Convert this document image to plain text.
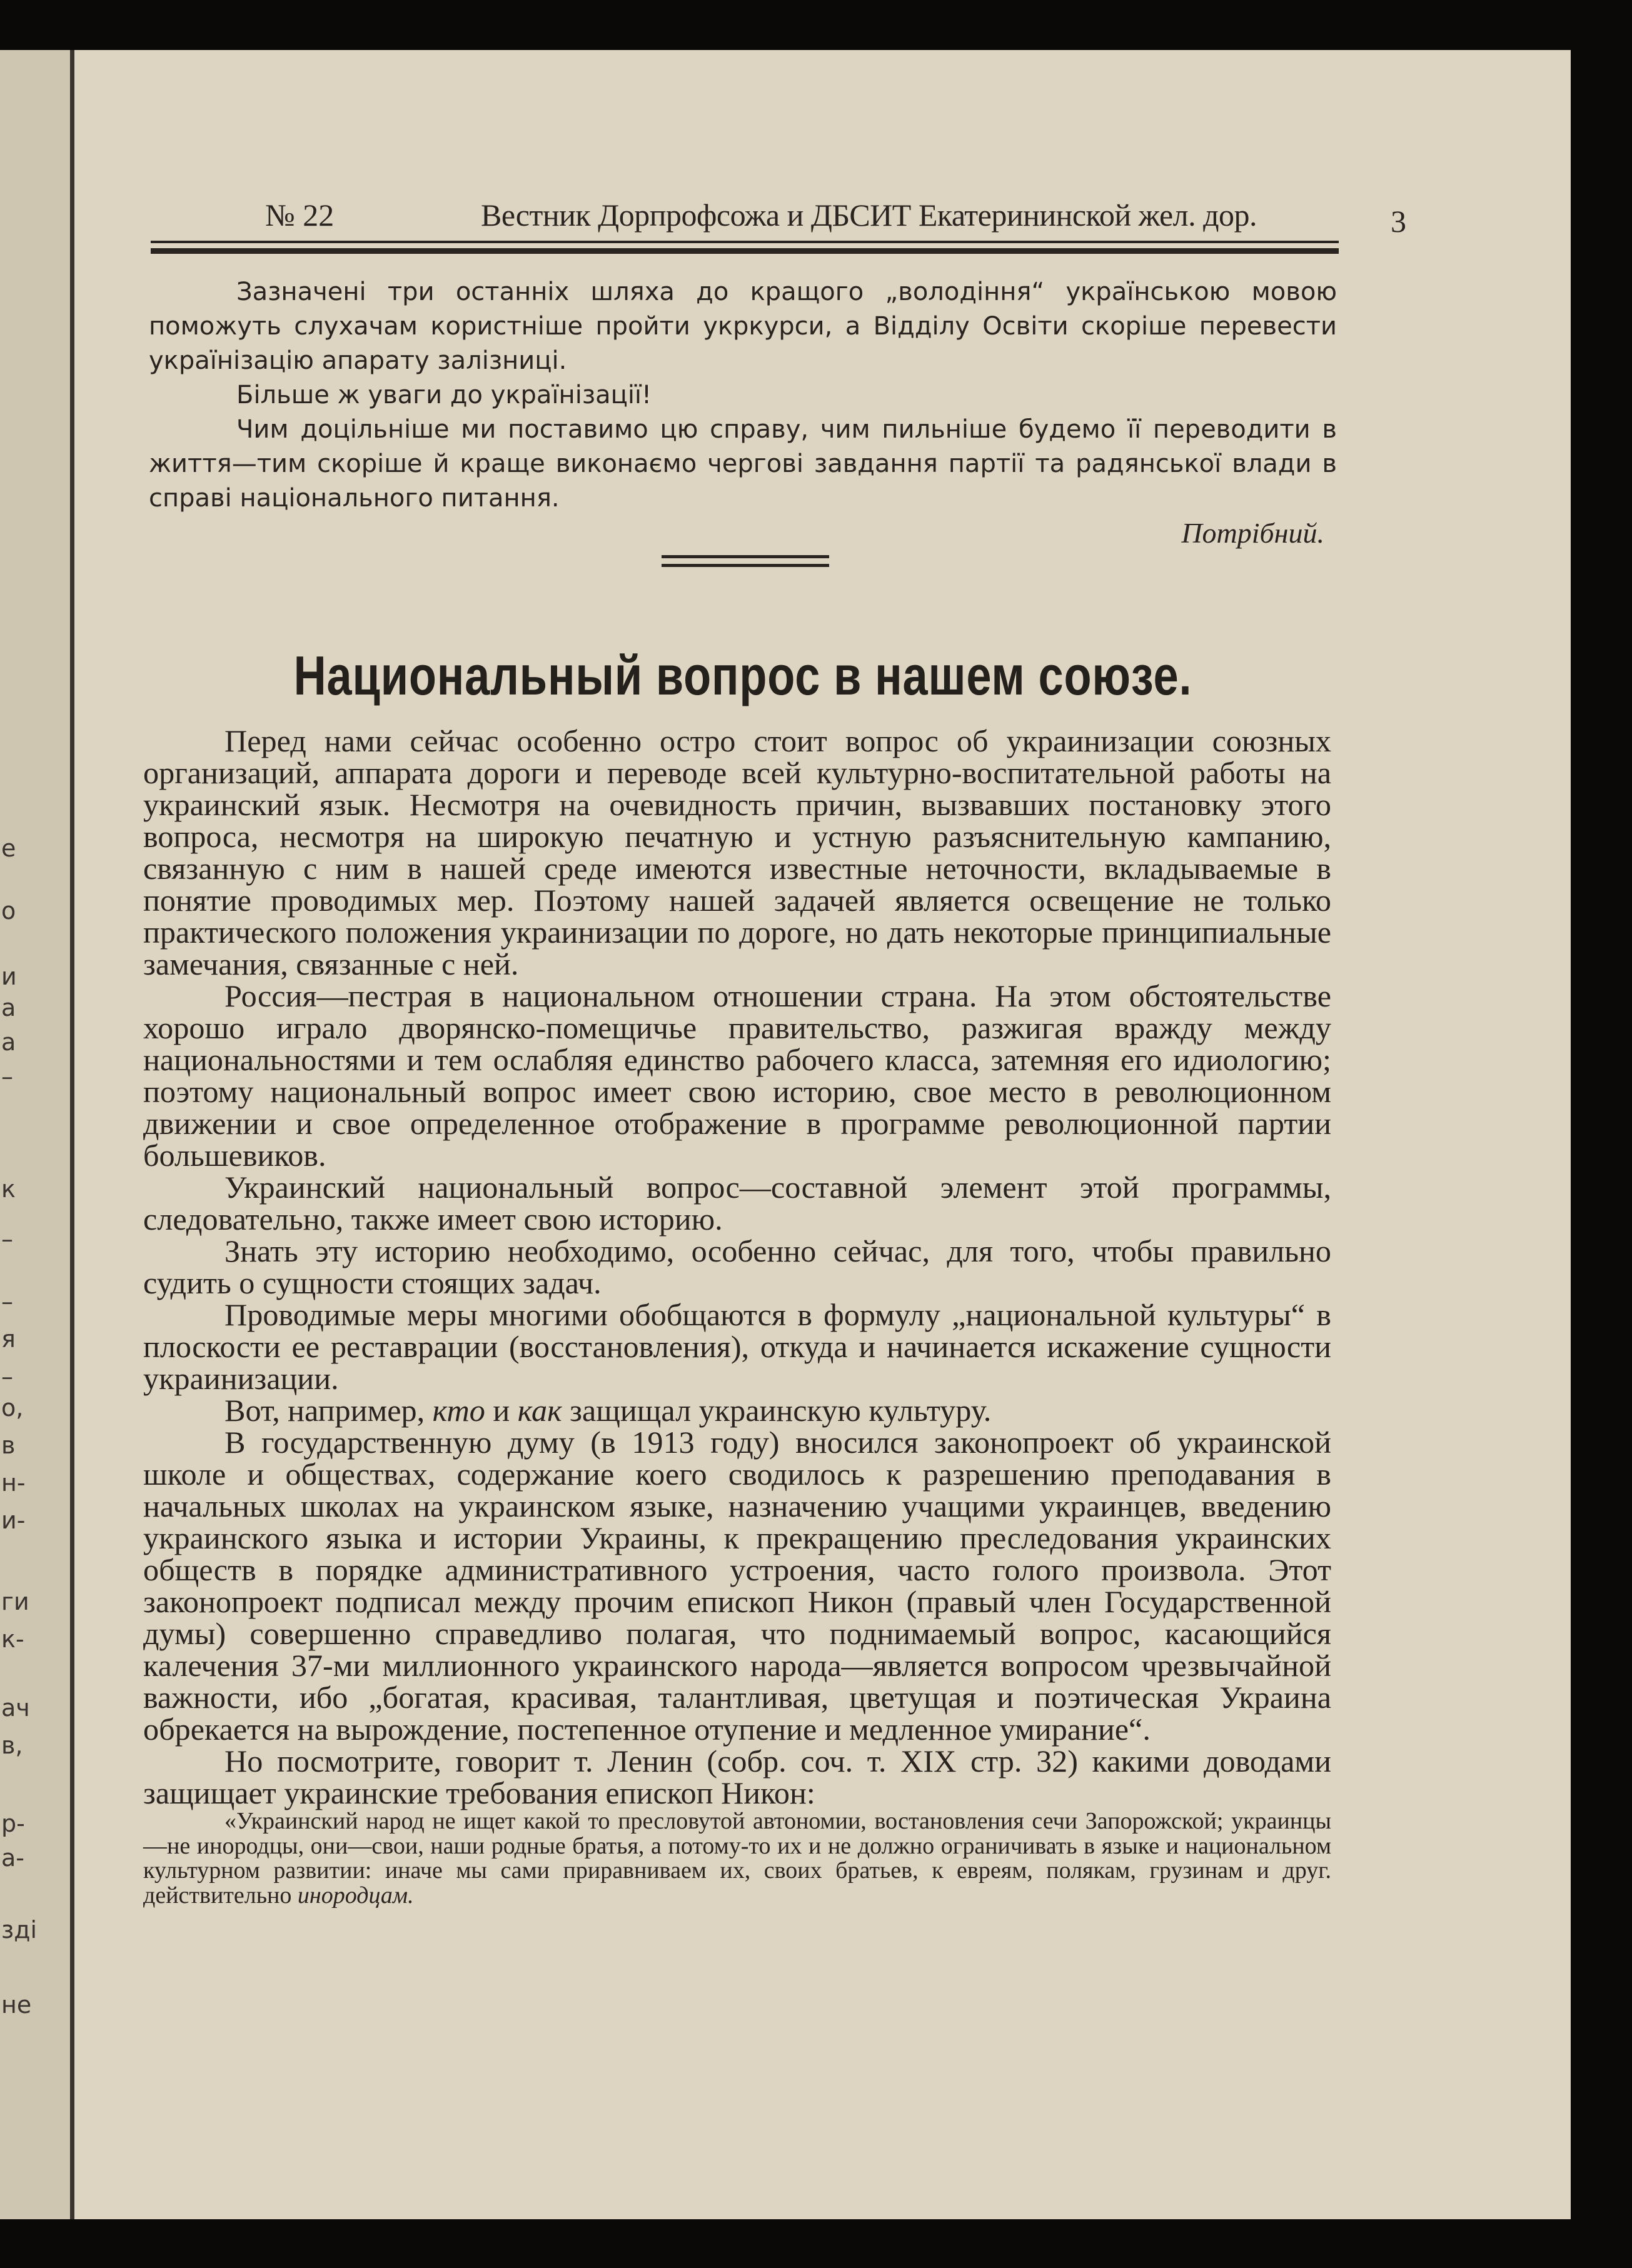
е
о
и
а
а
–
к
–
–
я
–
о,
в
н-
и-
ги
к-
ач
в,
р-
а-
зді
не
№ 22	Вестник Дорпрофсожа и ДБСИТ Екатерининской жел. дор.	3

Зазначені три останніх шляха до кращого „володіння“ українською мовою поможуть слухачам користніше пройти укркурси, а Відділу Освіти скоріше перевести українізацію апарату залізниці.

Більше ж уваги до українізації!

Чим доцільніше ми поставимо цю справу, чим пильніше будемо її переводити в життя—тим скоріше й краще виконаємо чергові завдання партії та радянської влади в справі національного питання.

Потрібний.
Национальный вопрос в нашем союзе.

Перед нами сейчас особенно остро стоит вопрос об украинизации союзных организаций, аппарата дороги и переводе всей культурно-воспитательной работы на украинский язык. Несмотря на очевидность причин, вызвавших постановку этого вопроса, несмотря на широкую печатную и устную разъяснительную кампанию, связанную с ним в нашей среде имеются известные неточности, вкладываемые в понятие проводимых мер. Поэтому нашей задачей является освещение не только практического положения украинизации по дороге, но дать некоторые принципиальные замечания, связанные с ней.

Россия—пестрая в национальном отношении страна. На этом обстоятельстве хорошо играло дворянско-помещичье правительство, разжигая вражду между национальностями и тем ослабляя единство рабочего класса, затемняя его идиологию; поэтому национальный вопрос имеет свою историю, свое место в революционном движении и свое определенное отображение в программе революционной партии большевиков.

Украинский национальный вопрос—составной элемент этой программы, следовательно, также имеет свою историю.

Знать эту историю необходимо, особенно сейчас, для того, чтобы правильно судить о сущности стоящих задач.

Проводимые меры многими обобщаются в формулу „национальной культуры“ в плоскости ее реставрации (восстановления), откуда и начинается искажение сущности украинизации.

Вот, например, кто и как защищал украинскую культуру.

В государственную думу (в 1913 году) вносился законопроект об украинской школе и обществах, содержание коего сводилось к разрешению преподавания в начальных школах на украинском языке, назначению учащими украинцев, введению украинского языка и истории Украины, к прекращению преследования украинских обществ в порядке административного устроения, часто голого произвола. Этот законопроект подписал между прочим епископ Никон (правый член Государственной думы) совершенно справедливо полагая, что поднимаемый вопрос, касающийся калечения 37-ми миллионного украинского народа—является вопросом чрезвычайной важности, ибо „богатая, красивая, талантливая, цветущая и поэтическая Украина обрекается на вырождение, постепенное отупение и медленное умирание“.

Но посмотрите, говорит т. Ленин (собр. соч. т. XIX стр. 32) какими доводами защищает украинские требования епископ Никон:

«Украинский народ не ищет какой то пресловутой автономии, востановления сечи Запорожской; украинцы—не инородцы, они—свои, наши родные братья, а потому-то их и не должно ограничивать в языке и национальном культурном развитии: иначе мы сами приравниваем их, своих братьев, к евреям, полякам, грузинам и друг. действительно инородцам.
